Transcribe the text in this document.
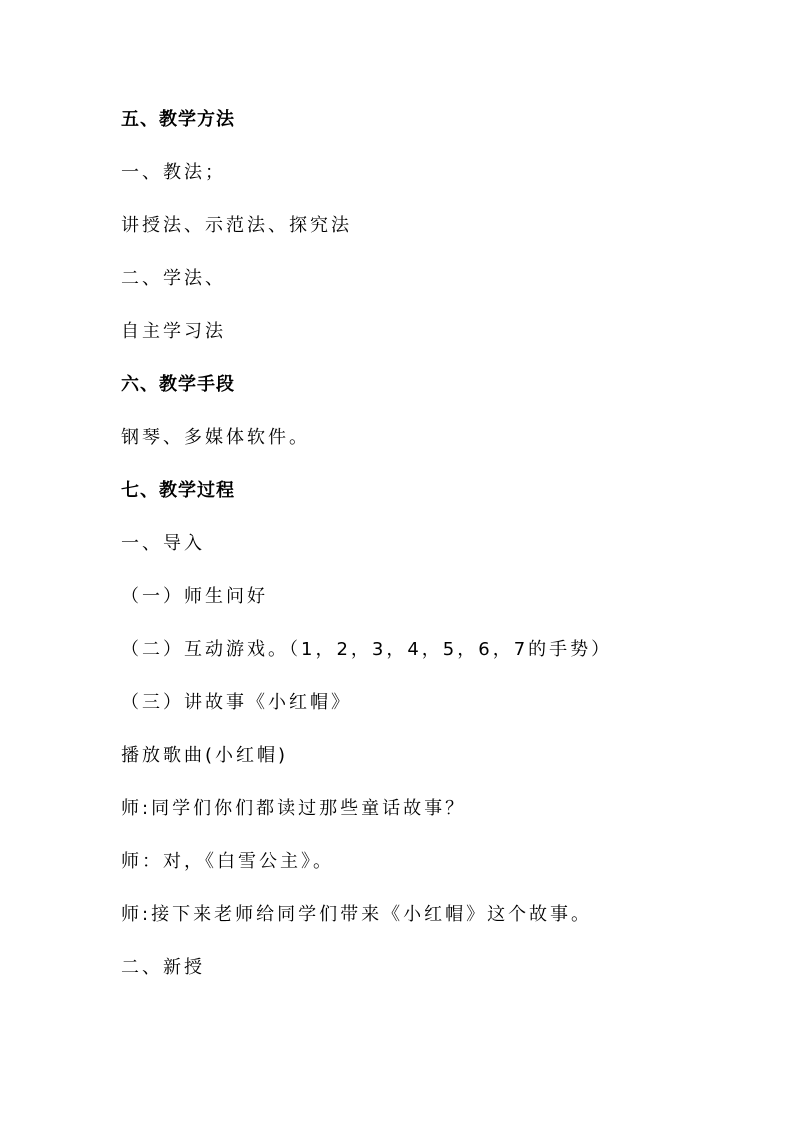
五、教学方法
一、教法；
讲授法、示范法、探究法
二、学法、
自主学习法
六、教学手段
钢琴、多媒体软件。
七、教学过程
一、导入
（一）师生问好
（二）互动游戏。（1，2，3，4，5，6，7的手势）
（三）讲故事《小红帽》
播放歌曲(小红帽)
师:同学们你们都读过那些童话故事？
师：对，《白雪公主》。
师:接下来老师给同学们带来《小红帽》这个故事。
二、新授
